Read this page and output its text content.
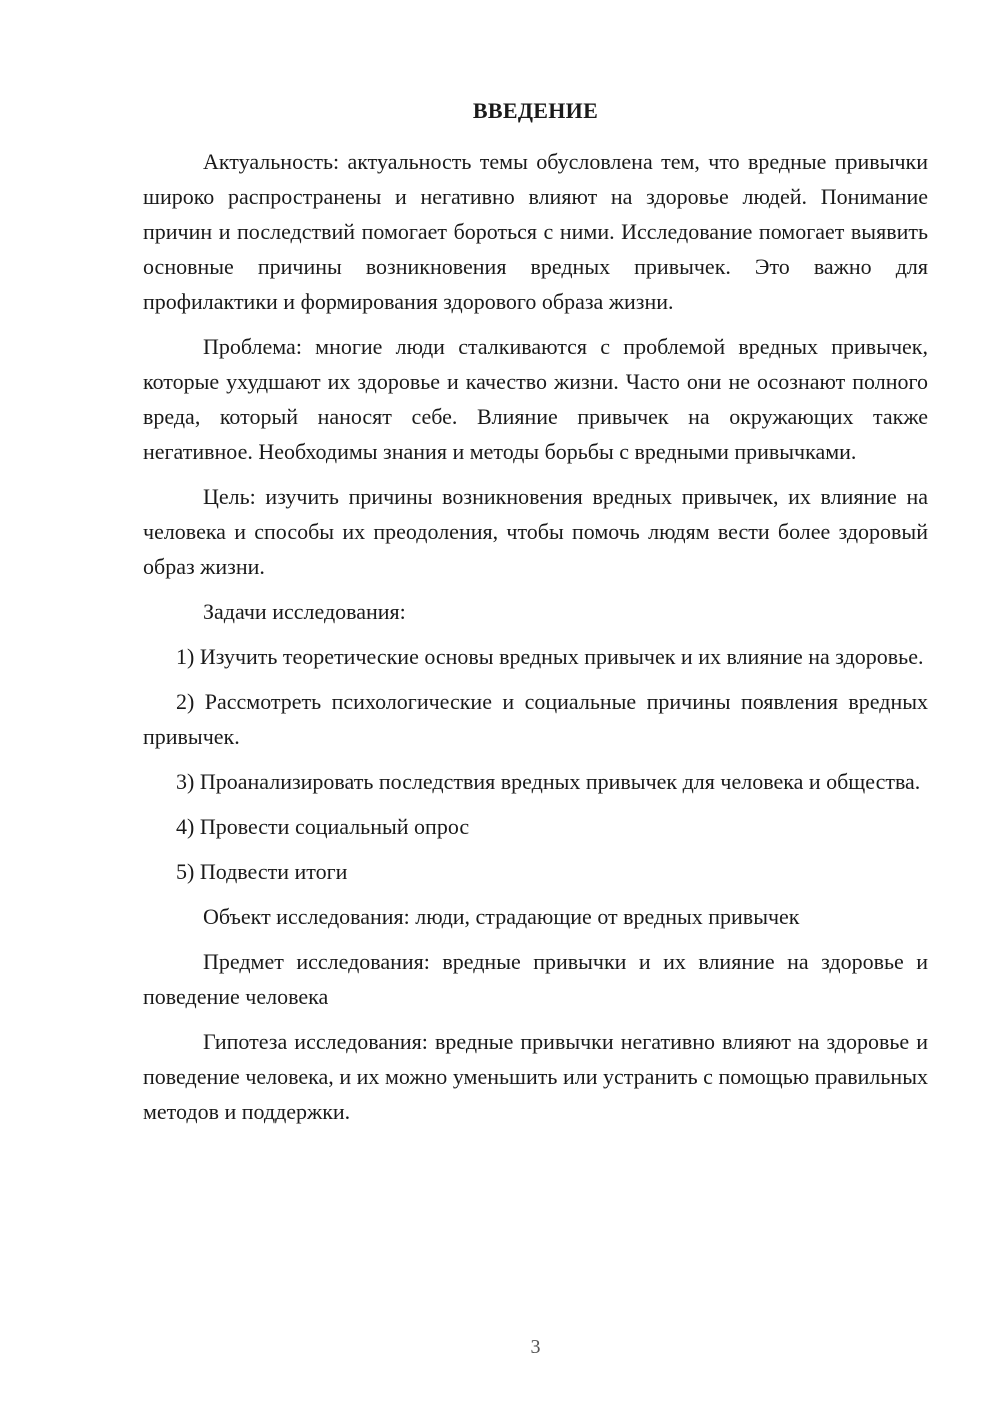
ВВЕДЕНИЕ

Актуальность: актуальность темы обусловлена тем, что вредные привычки широко распространены и негативно влияют на здоровье людей. Понимание причин и последствий помогает бороться с ними. Исследование помогает выявить основные причины возникновения вредных привычек. Это важно для профилактики и формирования здорового образа жизни.

Проблема: многие люди сталкиваются с проблемой вредных привычек, которые ухудшают их здоровье и качество жизни. Часто они не осознают полного вреда, который наносят себе. Влияние привычек на окружающих также негативное. Необходимы знания и методы борьбы с вредными привычками.

Цель: изучить причины возникновения вредных привычек, их влияние на человека и способы их преодоления, чтобы помочь людям вести более здоровый образ жизни.

Задачи исследования:

1) Изучить теоретические основы вредных привычек и их влияние на здоровье.

2) Рассмотреть психологические и социальные причины появления вредных привычек.

3) Проанализировать последствия вредных привычек для человека и общества.

4) Провести социальный опрос

5) Подвести итоги

Объект исследования: люди, страдающие от вредных привычек

Предмет исследования: вредные привычки и их влияние на здоровье и поведение человека

Гипотеза исследования: вредные привычки негативно влияют на здоровье и поведение человека, и их можно уменьшить или устранить с помощью правильных методов и поддержки.

3
